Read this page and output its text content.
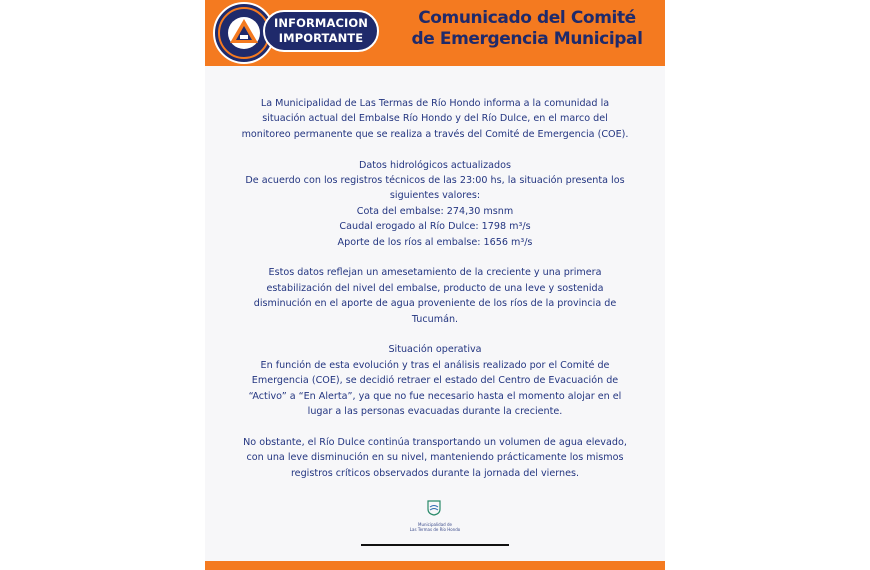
INFORMACION
IMPORTANTE
Comunicado del Comité
de Emergencia Municipal

La Municipalidad de Las Termas de Río Hondo informa a la comunidad la

situación actual del Embalse Río Hondo y del Río Dulce, en el marco del

monitoreo permanente que se realiza a través del Comité de Emergencia (COE).

Datos hidrológicos actualizados

De acuerdo con los registros técnicos de las 23:00 hs, la situación presenta los

siguientes valores:

Cota del embalse: 274,30 msnm

Caudal erogado al Río Dulce: 1798 m³/s

Aporte de los ríos al embalse: 1656 m³/s

Estos datos reflejan un amesetamiento de la creciente y una primera

estabilización del nivel del embalse, producto de una leve y sostenida

disminución en el aporte de agua proveniente de los ríos de la provincia de

Tucumán.

Situación operativa

En función de esta evolución y tras el análisis realizado por el Comité de

Emergencia (COE), se decidió retraer el estado del Centro de Evacuación de

“Activo” a “En Alerta”, ya que no fue necesario hasta el momento alojar en el

lugar a las personas evacuadas durante la creciente.

No obstante, el Río Dulce continúa transportando un volumen de agua elevado,

con una leve disminución en su nivel, manteniendo prácticamente los mismos

registros críticos observados durante la jornada del viernes.

Municipalidad de
Las Termas de Río Hondo
